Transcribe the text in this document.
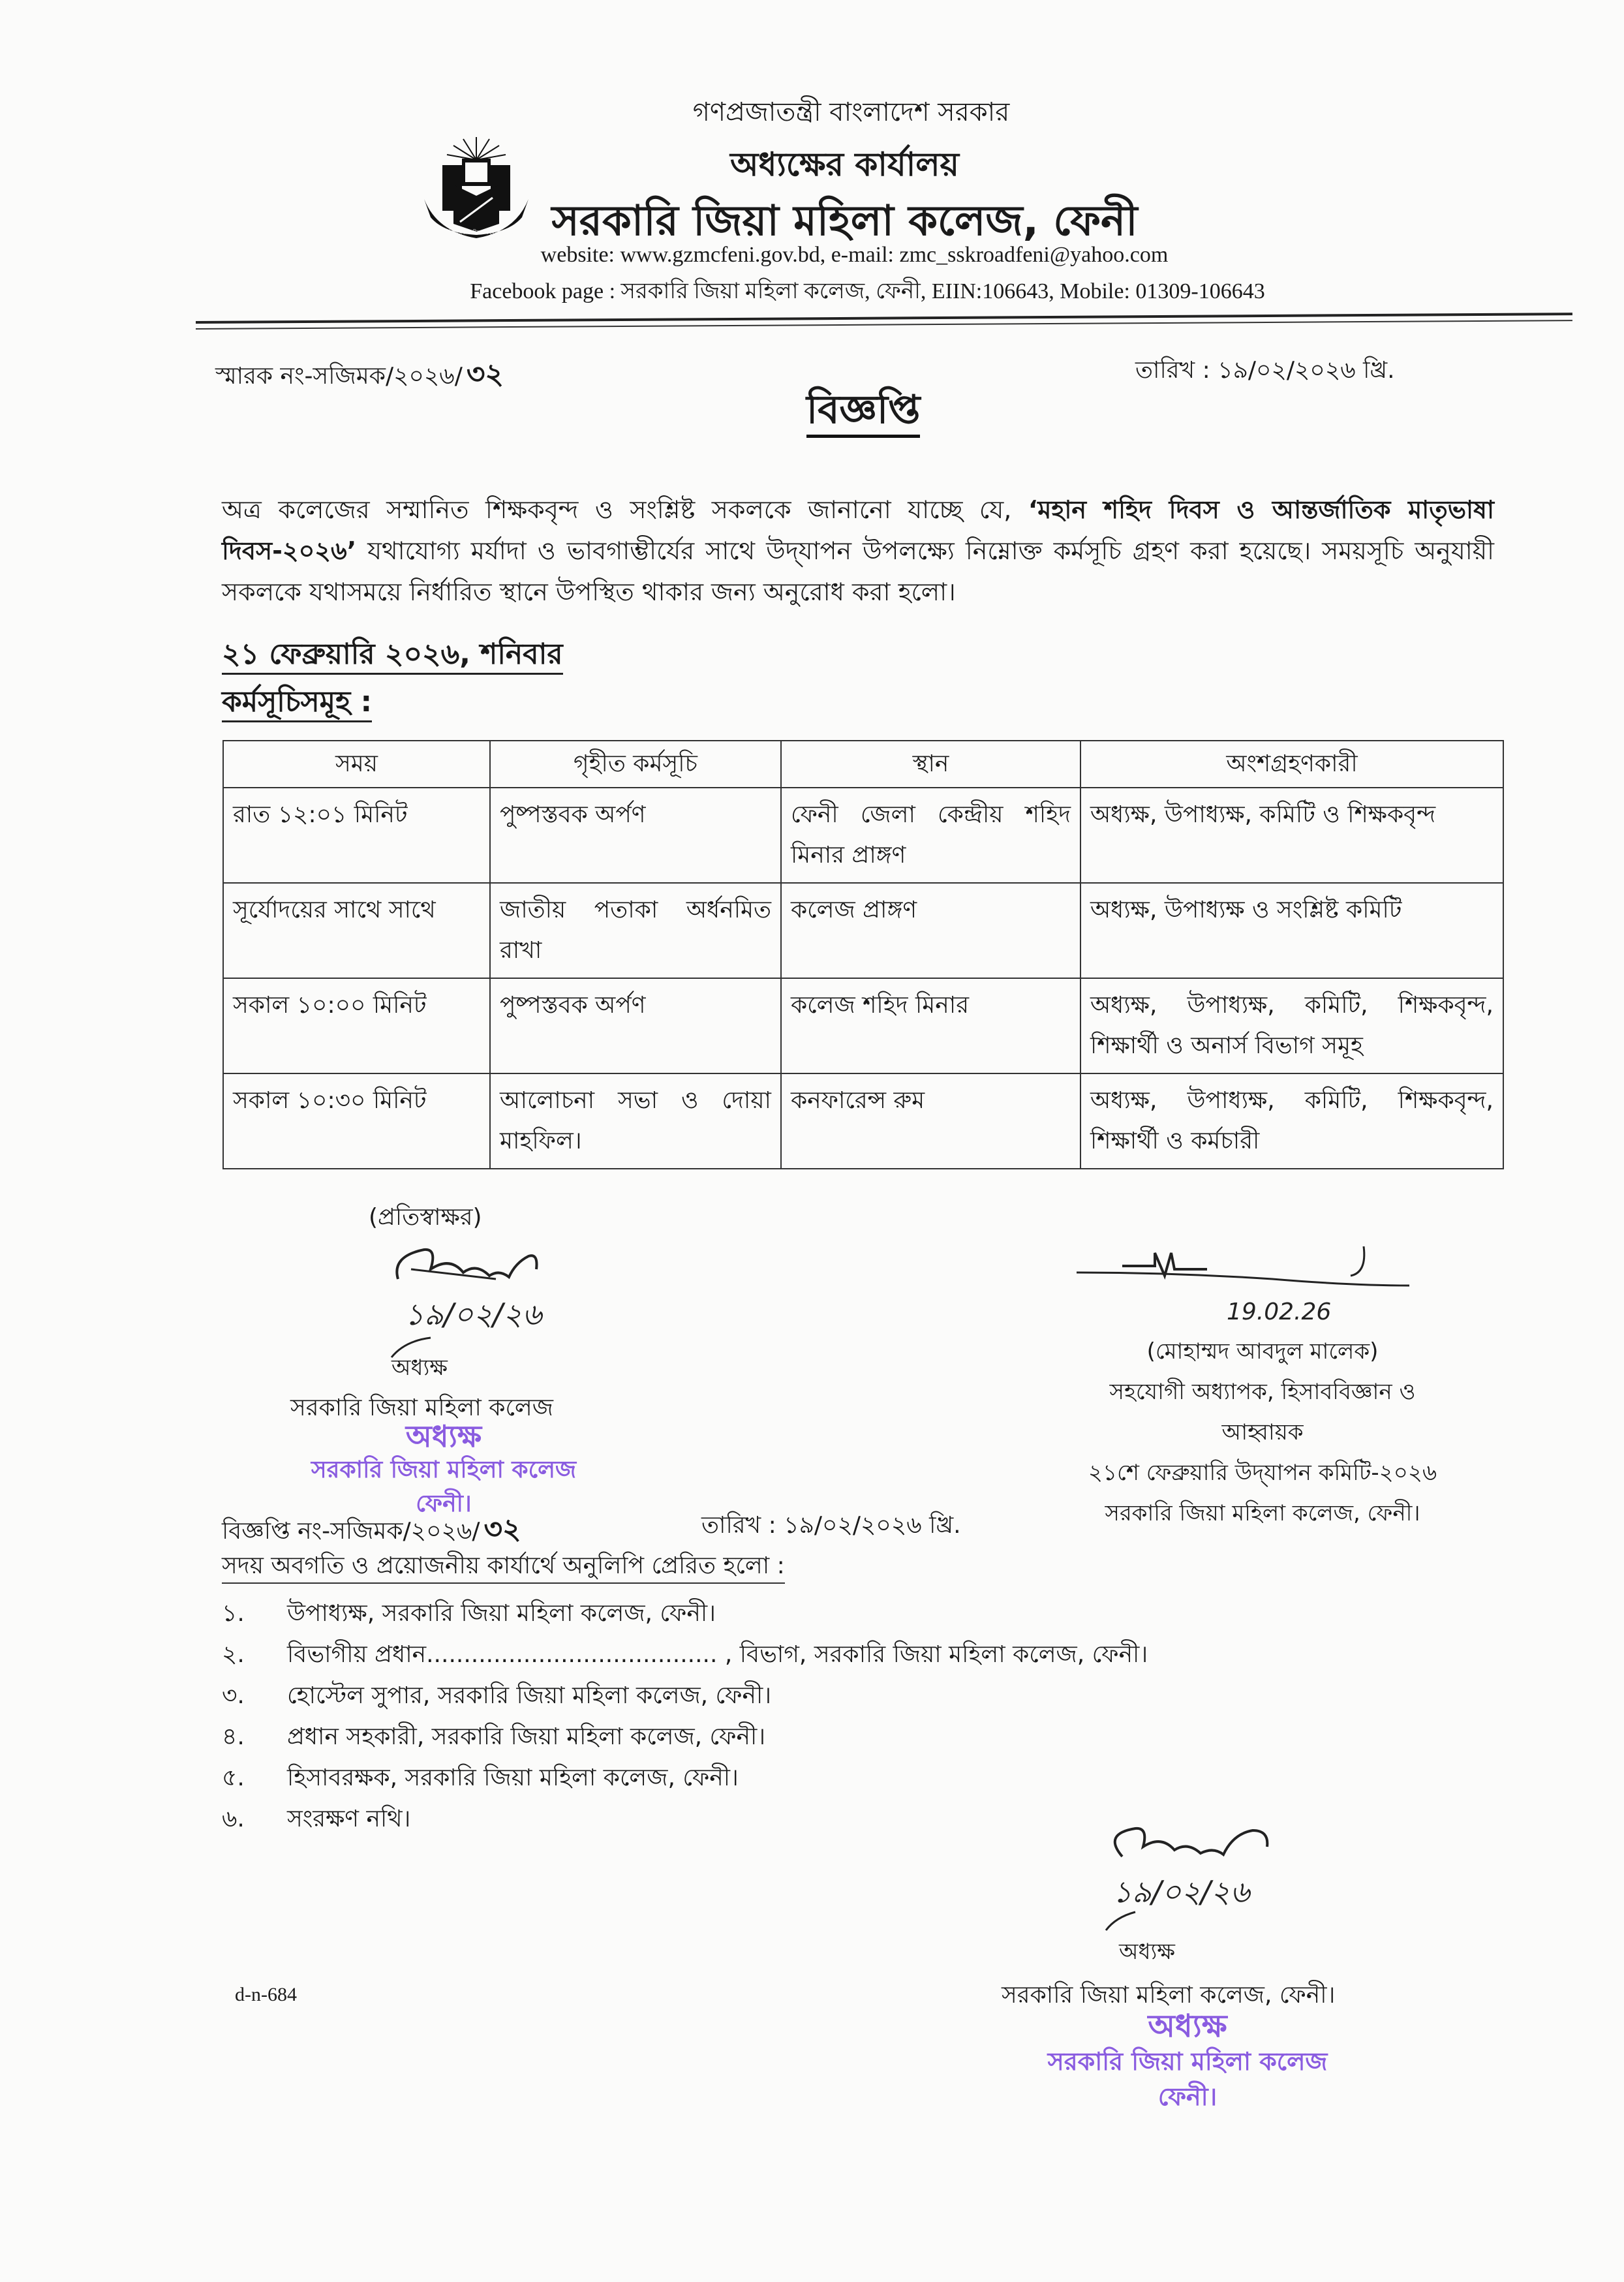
সরকারি জিয়া মহিলা কলেজ, ফেনী
গণপ্রজাতন্ত্রী বাংলাদেশ সরকার
অধ্যক্ষের কার্যালয়
সরকারি জিয়া মহিলা কলেজ, ফেনী
website: www.gzmcfeni.gov.bd, e-mail: zmc_sskroadfeni@yahoo.com
Facebook page : সরকারি জিয়া মহিলা কলেজ, ফেনী, EIIN:106643, Mobile: 01309-106643
স্মারক নং-সজিমক/২০২৬/ ৩২	তারিখ : ১৯/০২/২০২৬ খ্রি.
বিজ্ঞপ্তি
অত্র কলেজের সম্মানিত শিক্ষকবৃন্দ ও সংশ্লিষ্ট সকলকে জানানো যাচ্ছে যে, ‘মহান শহিদ দিবস ও আন্তর্জাতিক মাতৃভাষা দিবস-২০২৬’ যথাযোগ্য মর্যাদা ও ভাবগাম্ভীর্যের সাথে উদ্‌যাপন উপলক্ষ্যে নিম্নোক্ত কর্মসূচি গ্রহণ করা হয়েছে। সময়সূচি অনুযায়ী সকলকে যথাসময়ে নির্ধারিত স্থানে উপস্থিত থাকার জন্য অনুরোধ করা হলো।
২১ ফেব্রুয়ারি ২০২৬, শনিবার
কর্মসূচিসমূহ :
সময়	গৃহীত কর্মসূচি	স্থান	অংশগ্রহণকারী
রাত ১২:০১ মিনিট	পুষ্পস্তবক অর্পণ	ফেনী জেলা কেন্দ্রীয় শহিদ মিনার প্রাঙ্গণ	অধ্যক্ষ, উপাধ্যক্ষ, কমিটি ও শিক্ষকবৃন্দ
সূর্যোদয়ের সাথে সাথে	জাতীয় পতাকা অর্ধনমিত রাখা	কলেজ প্রাঙ্গণ	অধ্যক্ষ, উপাধ্যক্ষ ও সংশ্লিষ্ট কমিটি
সকাল ১০:০০ মিনিট	পুষ্পস্তবক অর্পণ	কলেজ শহিদ মিনার	অধ্যক্ষ, উপাধ্যক্ষ, কমিটি, শিক্ষকবৃন্দ, শিক্ষার্থী ও অনার্স বিভাগ সমূহ
সকাল ১০:৩০ মিনিট	আলোচনা সভা ও দোয়া মাহফিল।	কনফারেন্স রুম	অধ্যক্ষ, উপাধ্যক্ষ, কমিটি, শিক্ষকবৃন্দ, শিক্ষার্থী ও কর্মচারী
(প্রতিস্বাক্ষর)
১৯/০২/২৬
অধ্যক্ষ
সরকারি জিয়া মহিলা কলেজ
অধ্যক্ষ
সরকারি জিয়া মহিলা কলেজ
ফেনী।
19.02.26
(মোহাম্মদ আবদুল মালেক)
সহযোগী অধ্যাপক, হিসাববিজ্ঞান ও
আহ্বায়ক
২১শে ফেব্রুয়ারি উদ্‌যাপন কমিটি-২০২৬
সরকারি জিয়া মহিলা কলেজ, ফেনী।
বিজ্ঞপ্তি নং-সজিমক/২০২৬/ ৩২	তারিখ : ১৯/০২/২০২৬ খ্রি.
সদয় অবগতি ও প্রয়োজনীয় কার্যার্থে অনুলিপি প্রেরিত হলো :
১.	উপাধ্যক্ষ, সরকারি জিয়া মহিলা কলেজ, ফেনী।
২.	বিভাগীয় প্রধান....................................... , বিভাগ, সরকারি জিয়া মহিলা কলেজ, ফেনী।
৩.	হোস্টেল সুপার, সরকারি জিয়া মহিলা কলেজ, ফেনী।
৪.	প্রধান সহকারী, সরকারি জিয়া মহিলা কলেজ, ফেনী।
৫.	হিসাবরক্ষক, সরকারি জিয়া মহিলা কলেজ, ফেনী।
৬.	সংরক্ষণ নথি।
১৯/০২/২৬
অধ্যক্ষ
সরকারি জিয়া মহিলা কলেজ, ফেনী।
অধ্যক্ষ
সরকারি জিয়া মহিলা কলেজ
ফেনী।
d-n-684
